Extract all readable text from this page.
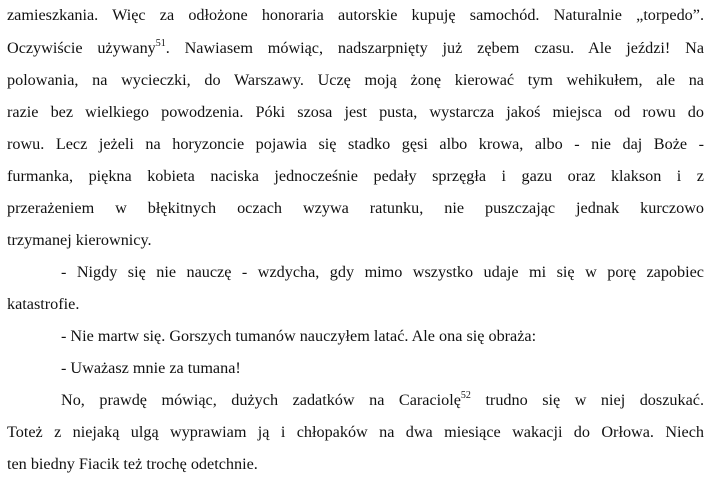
zamieszkania. Więc za odłożone honoraria autorskie kupuję samochód. Naturalnie „torpedo”.
Oczywiście używany$^{51}$. Nawiasem mówiąc, nadszarpnięty już zębem czasu. Ale jeździ! Na
polowania, na wycieczki, do Warszawy. Uczę moją żonę kierować tym wehikułem, ale na
razie bez wielkiego powodzenia. Póki szosa jest pusta, wystarcza jakoś miejsca od rowu do
rowu. Lecz jeżeli na horyzoncie pojawia się stadko gęsi albo krowa, albo - nie daj Boże -
furmanka, piękna kobieta naciska jednocześnie pedały sprzęgła i gazu oraz klakson i z
przerażeniem w błękitnych oczach wzywa ratunku, nie puszczając jednak kurczowo
trzymanej kierownicy.
- Nigdy się nie nauczę - wzdycha, gdy mimo wszystko udaje mi się w porę zapobiec
katastrofie.
- Nie martw się. Gorszych tumanów nauczyłem latać. Ale ona się obraża:
- Uważasz mnie za tumana!
No, prawdę mówiąc, dużych zadatków na Caraciolę$^{52}$ trudno się w niej doszukać.
Toteż z niejaką ulgą wyprawiam ją i chłopaków na dwa miesiące wakacji do Orłowa. Niech
ten biedny Fiacik też trochę odetchnie.
